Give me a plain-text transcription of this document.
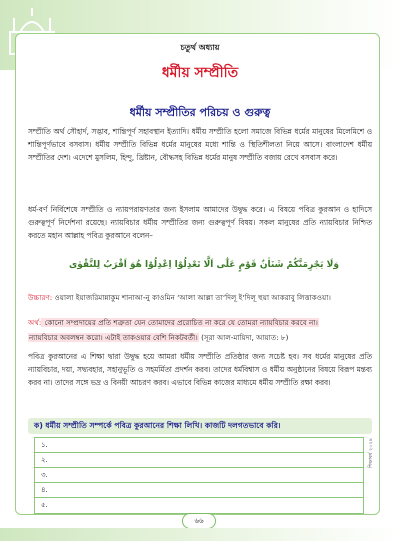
চতুর্থ অধ্যায়
ধর্মীয় সম্প্রীতি
ধর্মীয় সম্প্রীতির পরিচয় ও গুরুত্ব

সম্প্রীতি অর্থ সৌহার্দ, সদ্ভাব, শান্তিপূর্ণ সহাবস্থান ইত্যাদি। ধর্মীয় সম্প্রীতি হলো সমাজে বিভিন্ন ধর্মের মানুষের মিলেমিশে ও শান্তিপূর্ণভাবে বসবাস। ধর্মীয় সম্প্রীতি বিভিন্ন ধর্মের মানুষের মধ্যে শান্তি ও স্থিতিশীলতা নিয়ে আসে। বাংলাদেশ ধর্মীয় সম্প্রীতির দেশ। এদেশে মুসলিম, হিন্দু, খ্রিষ্টান, বৌদ্ধসহ বিভিন্ন ধর্মের মানুষ সম্প্রীতি বজায় রেখে বসবাস করে।

ধর্ম-বর্ণ নির্বিশেষে সম্প্রীতি ও ন্যায়পরায়ণতার জন্য ইসলাম আমাদের উদ্বুদ্ধ করে। এ বিষয়ে পবিত্র কুরআন ও হাদিসে গুরুত্বপূর্ণ নির্দেশনা রয়েছে। ন্যায়বিচার ধর্মীয় সম্প্রীতির জন্য গুরুত্বপূর্ণ বিষয়। সকল মানুষের প্রতি ন্যায়বিচার নিশ্চিত করতে মহান আল্লাহ পবিত্র কুরআনে বলেন–

وَلَا يَجْرِمَنَّكُمْ شَنَاٰنُ قَوْمٍ عَلٰٓى اَلَّا تَعْدِلُوْا اِعْدِلُوْا هُوَ اَقْرَبُ لِلتَّقْوٰى

উচ্চারণ: ওয়ালা ইয়াজরিমান্নাকুম শানাআ-নু কাওমিন ‘আলা আল্লা তা‘দিলূ ই‘দিলূ হুয়া আকরাবু লিত্তাকওয়া।

অর্থ: কোনো সম্প্রদায়ের প্রতি শত্রুতা যেন তোমাদের প্ররোচিত না করে যে তোমরা ন্যায়বিচার করবে না।

ন্যায়বিচার অবলম্বন করো। এটাই তাকওয়ার বেশি নিকটবর্তী। (সূরা আল-মায়িদা, আয়াত: ৮)

পবিত্র কুরআনের এ শিক্ষা দ্বারা উদ্বুদ্ধ হয়ে আমরা ধর্মীয় সম্প্রীতি প্রতিষ্ঠার জন্য সচেষ্ট হব। সব ধর্মের মানুষের প্রতি ন্যায়বিচার, দয়া, সদ্ব্যবহার, সহানুভূতি ও সহমর্মিতা প্রদর্শন করব। তাদের ধর্মবিশ্বাস ও ধর্মীয় অনুষ্ঠানের বিষয়ে বিরূপ মন্তব্য করব না। তাদের সঙ্গে ভদ্র ও বিনয়ী আচরণ করব। এভাবে বিভিন্ন কাজের মাধ্যমে ধর্মীয় সম্প্রীতি রক্ষা করব।

ক) ধর্মীয় সম্প্রীতি সম্পর্কে পবিত্র কুরআনের শিক্ষা লিখি। কাজটি দলগতভাবে করি।
১.
২.
৩.
৪.
৫.
৬৬
শিক্ষাবর্ষ ২০২৪
